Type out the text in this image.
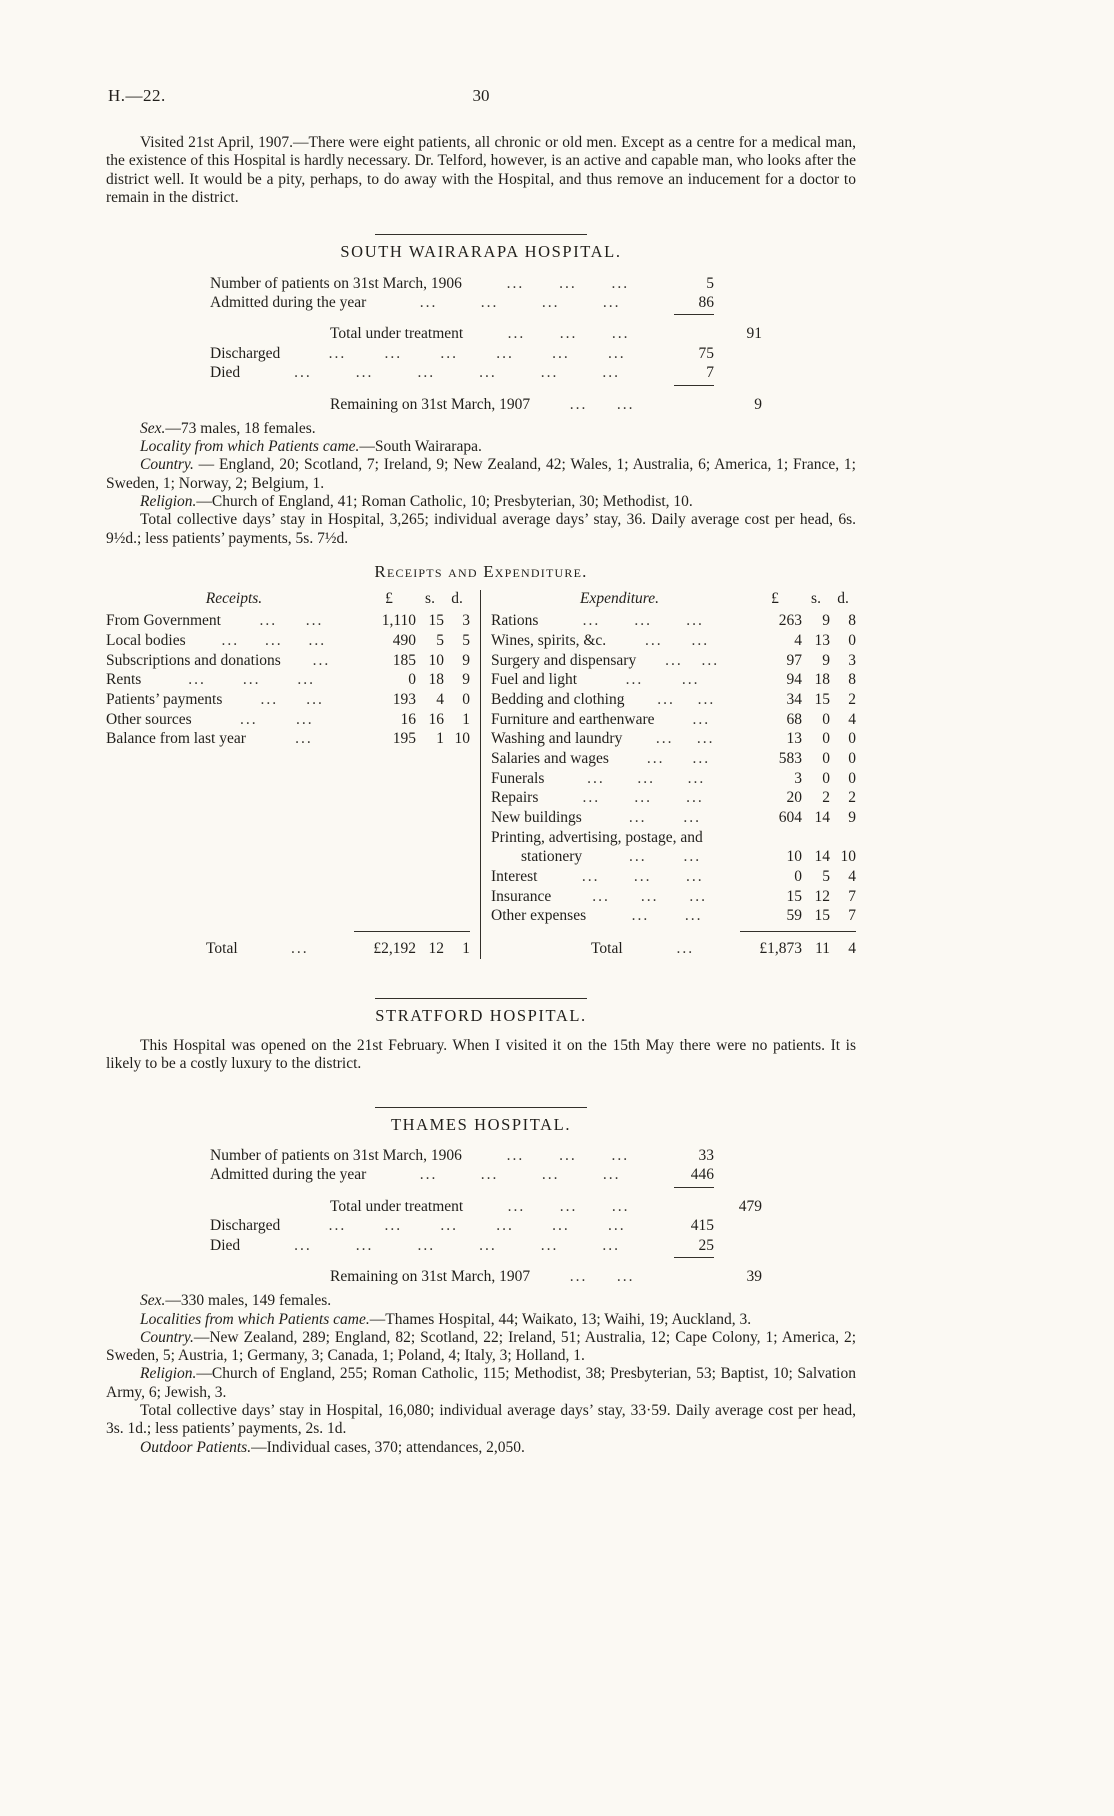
H.—22.	30

Visited 21st April, 1907.—There were eight patients, all chronic or old men. Except as a centre for a medical man, the existence of this Hospital is hardly necessary. Dr. Telford, however, is an active and capable man, who looks after the district well. It would be a pity, perhaps, to do away with the Hospital, and thus remove an inducement for a doctor to remain in the district.

SOUTH WAIRARAPA HOSPITAL.
Number of patients on 31st March, 1906	... ... ...	5
Admitted during the year	...	...	...	...	86
Total under treatment	... ... ...	91
Discharged	... ... ... ... ... ...	75
Died	...	...	...	...	...	...	7
Remaining on 31st March, 1907	... ...	9

Sex.—73 males, 18 females.

Locality from which Patients came.—South Wairarapa.

Country. — England, 20; Scotland, 7; Ireland, 9; New Zealand, 42; Wales, 1; Australia, 6; America, 1; France, 1; Sweden, 1; Norway, 2; Belgium, 1.

Religion.—Church of England, 41; Roman Catholic, 10; Presbyterian, 30; Methodist, 10.

Total collective days’ stay in Hospital, 3,265; individual average days’ stay, 36. Daily average cost per head, 6s. 9½d.; less patients’ payments, 5s. 7½d.

Receipts and Expenditure.
Receipts.	£	s.	d.
From Government ... ...	1,110 15	3
Local bodies ... ... ...	490	5	5
Subscriptions and donations ...	185 10	9
Rents	... ... ...	0 18	9
Patients’ payments ... ...	193	4	0
Other sources	... ...	16 16	1
Balance from last year	...	195	1 10
Total	...	£2,192 12	1
Expenditure.	£	s.	d.
Rations	... ... ...	263	9	8
Wines, spirits, &c.	... ...	4 13	0
Surgery and dispensary ... ...	97	9	3
Fuel and light	... ...	94 18	8
Bedding and clothing ... ...	34 15	2
Furniture and earthenware ...	68	0	4
Washing and laundry ... ...	13	0	0
Salaries and wages ... ...	583	0	0
Funerals	... ... ...	3	0	0
Repairs	... ... ...	20	2	2
New buildings	... ...	604 14	9
Printing, advertising, postage, and
stationery	... ...	10 14 10
Interest	... ... ...	0	5	4
Insurance	... ... ...	15 12	7
Other expenses	... ...	59 15	7
Total	...	£1,873 11	4
STRATFORD HOSPITAL.

This Hospital was opened on the 21st February. When I visited it on the 15th May there were no patients. It is likely to be a costly luxury to the district.

THAMES HOSPITAL.
Number of patients on 31st March, 1906	... ... ...	33
Admitted during the year	...	...	...	...	446
Total under treatment	... ... ...	479
Discharged	... ... ... ... ... ...	415
Died	...	...	...	...	...	...	25
Remaining on 31st March, 1907	... ...	39

Sex.—330 males, 149 females.

Localities from which Patients came.—Thames Hospital, 44; Waikato, 13; Waihi, 19; Auckland, 3.

Country.—New Zealand, 289; England, 82; Scotland, 22; Ireland, 51; Australia, 12; Cape Colony, 1; America, 2; Sweden, 5; Austria, 1; Germany, 3; Canada, 1; Poland, 4; Italy, 3; Holland, 1.

Religion.—Church of England, 255; Roman Catholic, 115; Methodist, 38; Presbyterian, 53; Baptist, 10; Salvation Army, 6; Jewish, 3.

Total collective days’ stay in Hospital, 16,080; individual average days’ stay, 33·59. Daily average cost per head, 3s. 1d.; less patients’ payments, 2s. 1d.

Outdoor Patients.—Individual cases, 370; attendances, 2,050.
